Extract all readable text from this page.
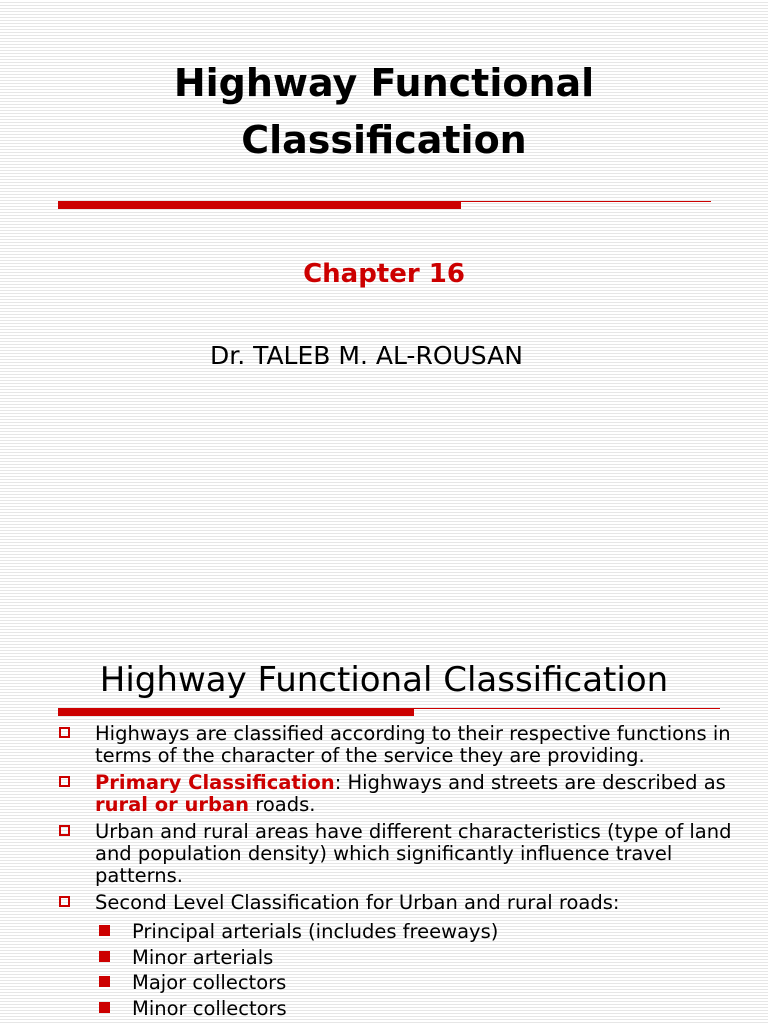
Highway Functional
Classification
Chapter 16
Dr. TALEB M. AL-ROUSAN
Highway Functional Classification
Highways are classified according to their respective functions in terms of the character of the service they are providing.
Primary Classification: Highways and streets are described as rural or urban roads.
Urban and rural areas have different characteristics (type of land and population density) which significantly influence travel patterns.
Second Level Classification for Urban and rural roads:
Principal arterials (includes freeways)
Minor arterials
Major collectors
Minor collectors
